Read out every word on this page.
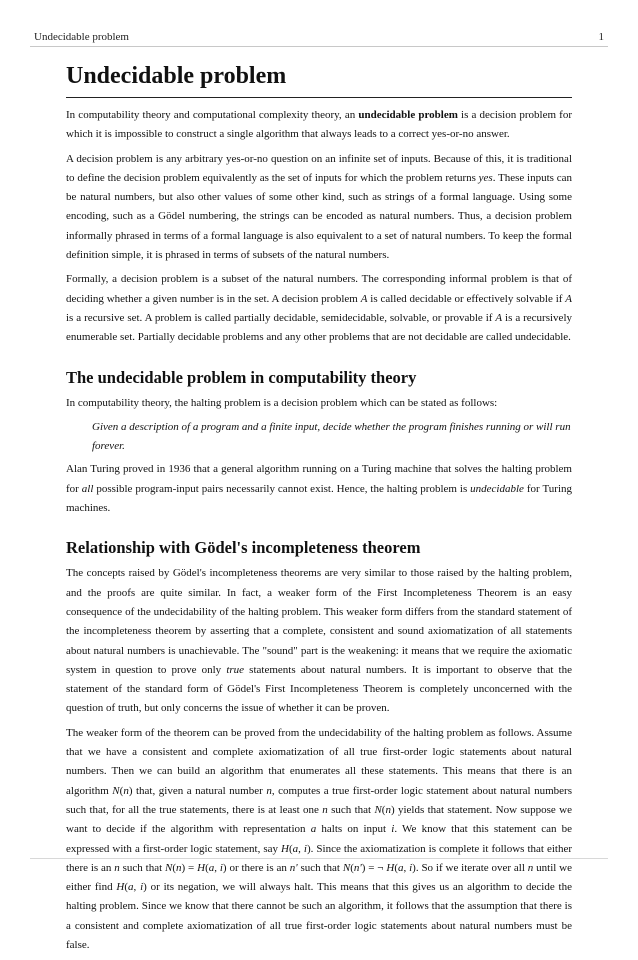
Undecidable problem	1
Undecidable problem

In computability theory and computational complexity theory, an undecidable problem is a decision problem for which it is impossible to construct a single algorithm that always leads to a correct yes-or-no answer.

A decision problem is any arbitrary yes-or-no question on an infinite set of inputs. Because of this, it is traditional to define the decision problem equivalently as the set of inputs for which the problem returns yes. These inputs can be natural numbers, but also other values of some other kind, such as strings of a formal language. Using some encoding, such as a Gödel numbering, the strings can be encoded as natural numbers. Thus, a decision problem informally phrased in terms of a formal language is also equivalent to a set of natural numbers. To keep the formal definition simple, it is phrased in terms of subsets of the natural numbers.

Formally, a decision problem is a subset of the natural numbers. The corresponding informal problem is that of deciding whether a given number is in the set. A decision problem A is called decidable or effectively solvable if A is a recursive set. A problem is called partially decidable, semidecidable, solvable, or provable if A is a recursively enumerable set. Partially decidable problems and any other problems that are not decidable are called undecidable.

The undecidable problem in computability theory

In computability theory, the halting problem is a decision problem which can be stated as follows:

Given a description of a program and a finite input, decide whether the program finishes running or will run forever.

Alan Turing proved in 1936 that a general algorithm running on a Turing machine that solves the halting problem for all possible program-input pairs necessarily cannot exist. Hence, the halting problem is undecidable for Turing machines.

Relationship with Gödel's incompleteness theorem

The concepts raised by Gödel's incompleteness theorems are very similar to those raised by the halting problem, and the proofs are quite similar. In fact, a weaker form of the First Incompleteness Theorem is an easy consequence of the undecidability of the halting problem. This weaker form differs from the standard statement of the incompleteness theorem by asserting that a complete, consistent and sound axiomatization of all statements about natural numbers is unachievable. The "sound" part is the weakening: it means that we require the axiomatic system in question to prove only true statements about natural numbers. It is important to observe that the statement of the standard form of Gödel's First Incompleteness Theorem is completely unconcerned with the question of truth, but only concerns the issue of whether it can be proven.

The weaker form of the theorem can be proved from the undecidability of the halting problem as follows. Assume that we have a consistent and complete axiomatization of all true first-order logic statements about natural numbers. Then we can build an algorithm that enumerates all these statements. This means that there is an algorithm N(n) that, given a natural number n, computes a true first-order logic statement about natural numbers such that, for all the true statements, there is at least one n such that N(n) yields that statement. Now suppose we want to decide if the algorithm with representation a halts on input i. We know that this statement can be expressed with a first-order logic statement, say H(a, i). Since the axiomatization is complete it follows that either there is an n such that N(n) = H(a, i) or there is an n' such that N(n') = ¬ H(a, i). So if we iterate over all n until we either find H(a, i) or its negation, we will always halt. This means that this gives us an algorithm to decide the halting problem. Since we know that there cannot be such an algorithm, it follows that the assumption that there is a consistent and complete axiomatization of all true first-order logic statements about natural numbers must be false.
